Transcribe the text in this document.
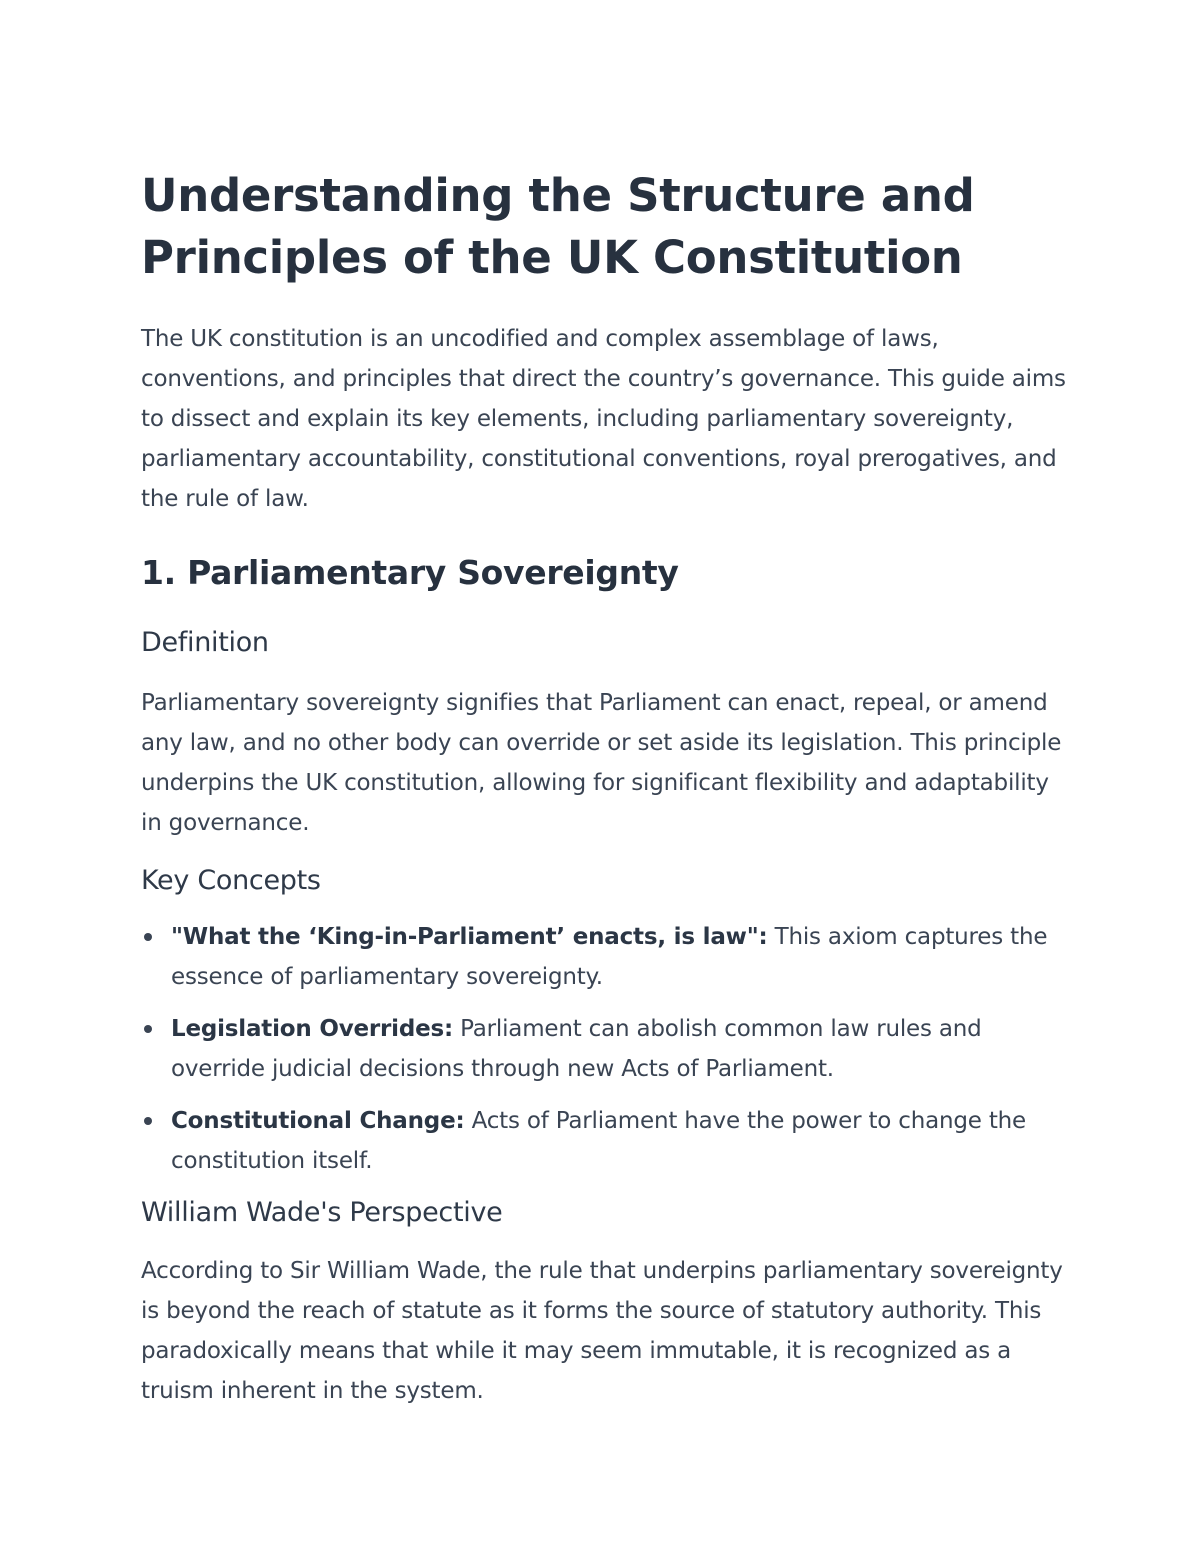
Understanding the Structure and Principles of the UK Constitution

The UK constitution is an uncodified and complex assemblage of laws, conventions, and principles that direct the country’s governance. This guide aims to dissect and explain its key elements, including parliamentary sovereignty, parliamentary accountability, constitutional conventions, royal prerogatives, and the rule of law.

1. Parliamentary Sovereignty
Definition

Parliamentary sovereignty signifies that Parliament can enact, repeal, or amend any law, and no other body can override or set aside its legislation. This principle underpins the UK constitution, allowing for significant flexibility and adaptability in governance.

Key Concepts
"What the ‘King-in-Parliament’ enacts, is law": This axiom captures the essence of parliamentary sovereignty.
Legislation Overrides: Parliament can abolish common law rules and override judicial decisions through new Acts of Parliament.
Constitutional Change: Acts of Parliament have the power to change the constitution itself.
William Wade's Perspective

According to Sir William Wade, the rule that underpins parliamentary sovereignty is beyond the reach of statute as it forms the source of statutory authority. This paradoxically means that while it may seem immutable, it is recognized as a truism inherent in the system.
